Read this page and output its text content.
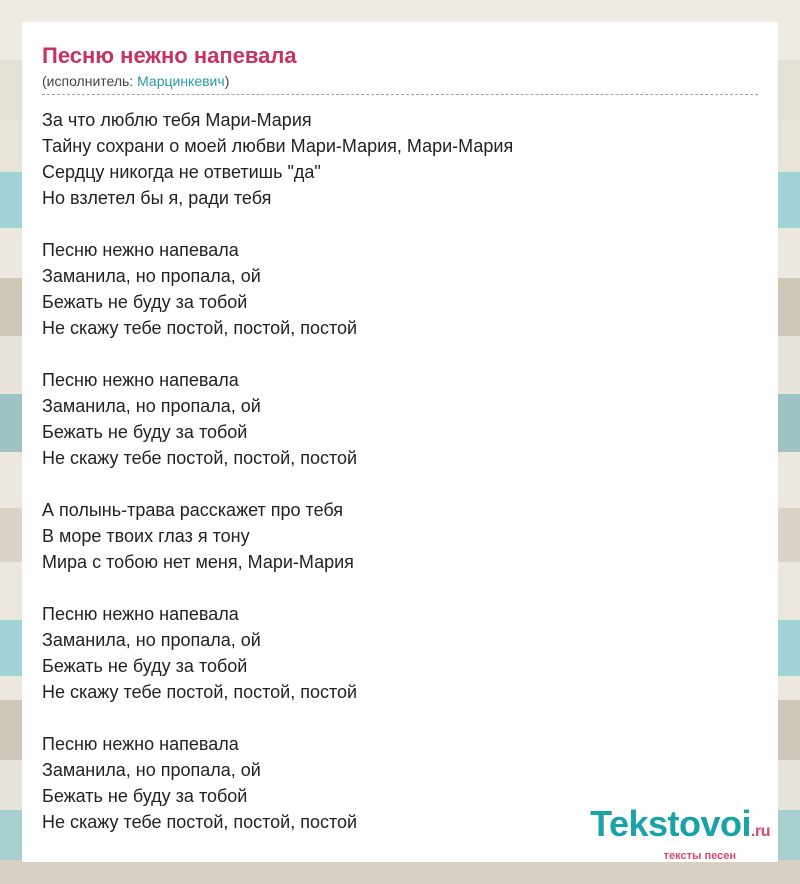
Песню нежно напевала
(исполнитель: Марцинкевич)
За что люблю тебя Мари-Мария
Тайну сохрани о моей любви Мари-Мария, Мари-Мария
Сердцу никогда не ответишь "да"
Но взлетел бы я, ради тебя
Песню нежно напевала
Заманила, но пропала, ой
Бежать не буду за тобой
Не скажу тебе постой, постой, постой
Песню нежно напевала
Заманила, но пропала, ой
Бежать не буду за тобой
Не скажу тебе постой, постой, постой
А полынь-трава расскажет про тебя
В море твоих глаз я тону
Мира с тобою нет меня, Мари-Мария
Песню нежно напевала
Заманила, но пропала, ой
Бежать не буду за тобой
Не скажу тебе постой, постой, постой
Песню нежно напевала
Заманила, но пропала, ой
Бежать не буду за тобой
Не скажу тебе постой, постой, постой	Tekstovoi.ru
тексты песен
